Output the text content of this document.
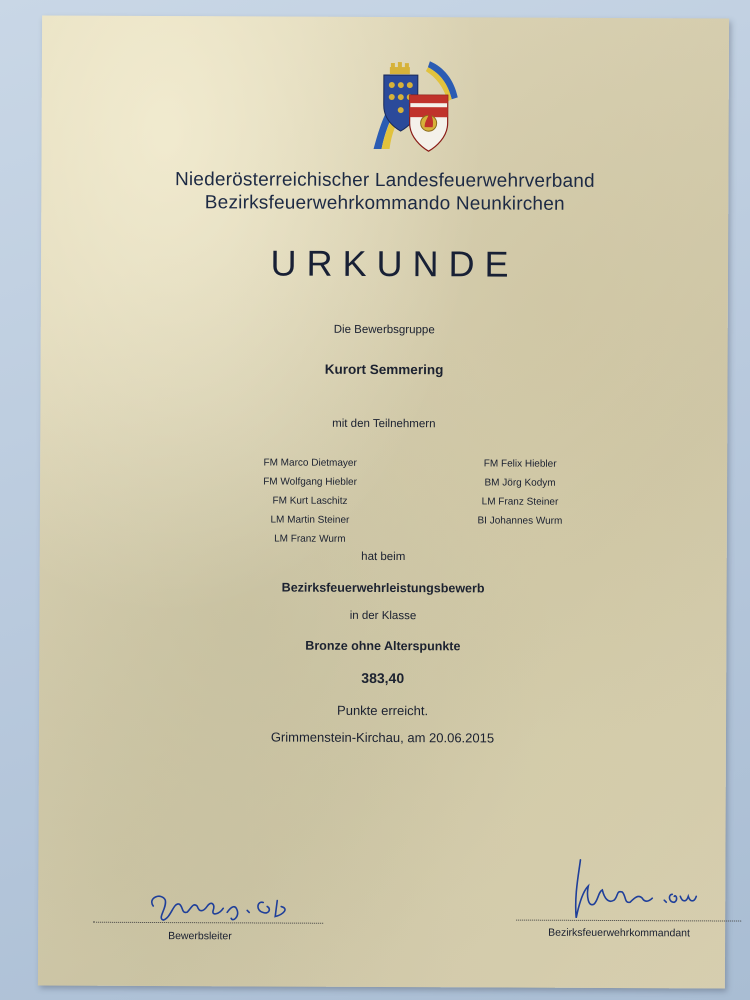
Niederösterreichischer Landesfeuerwehrverband
Bezirksfeuerwehrkommando Neunkirchen
URKUNDE
Die Bewerbsgruppe
Kurort Semmering
mit den Teilnehmern
FM Marco Dietmayer
FM Wolfgang Hiebler
FM Kurt Laschitz
LM Martin Steiner
LM Franz Wurm
FM Felix Hiebler
BM Jörg Kodym
LM Franz Steiner
BI Johannes Wurm
hat beim
Bezirksfeuerwehrleistungsbewerb
in der Klasse
Bronze ohne Alterspunkte
383,40
Punkte erreicht.
Grimmenstein-Kirchau, am 20.06.2015
Bewerbsleiter	Bezirksfeuerwehrkommandant
